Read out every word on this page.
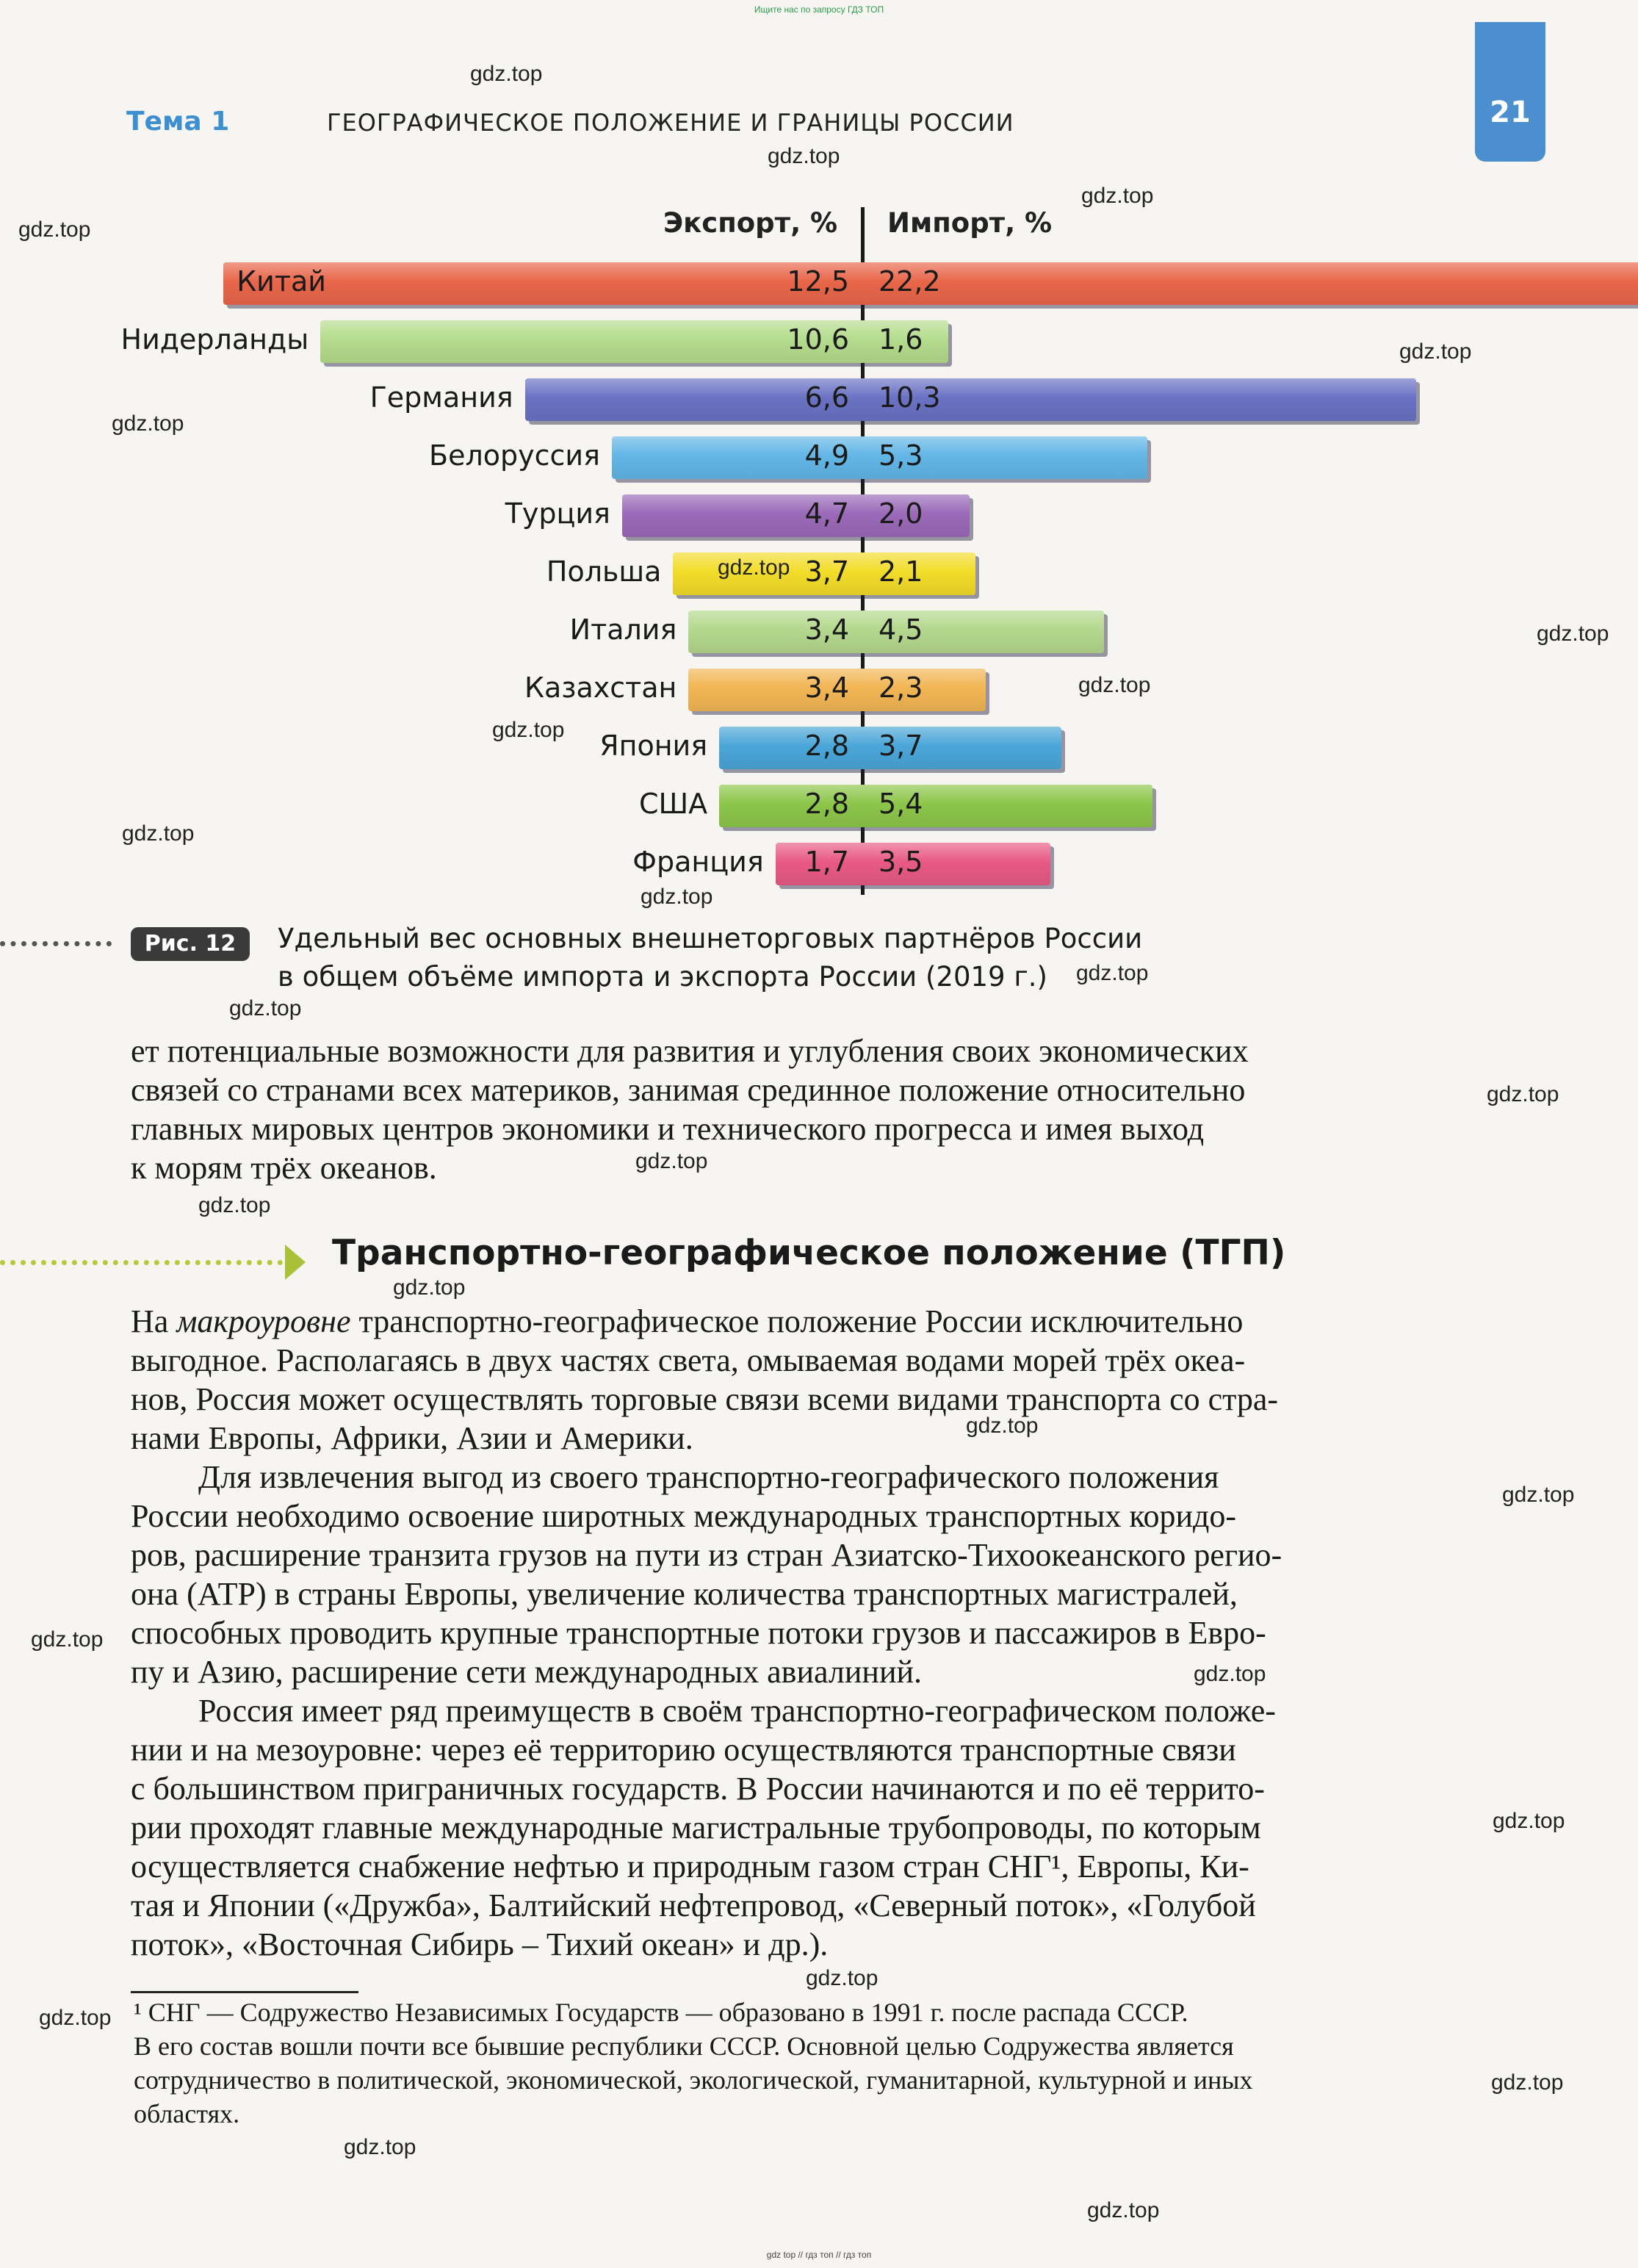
Ищите нас по запросу ГДЗ ТОП
Тема 1	ГЕОГРАФИЧЕСКОЕ ПОЛОЖЕНИЕ И ГРАНИЦЫ РОССИИ	21
Экспорт, % Импорт, %
Китай	12,5 22,2
Нидерланды	10,6 1,6
Германия	6,6 10,3
Белоруссия	4,9 5,3
Турция	4,7 2,0
Польша	3,7 2,1
Италия	3,4 4,5
Казахстан	3,4 2,3
Япония	2,8 3,7
США	2,8 5,4
Франция 1,7 3,5
Рис. 12	Удельный вес основных внешнеторговых партнёров России
в общем объёме импорта и экспорта России (2019 г.)

ет потенциальные возможности для развития и углубления своих экономических
связей со странами всех материков, занимая срединное положение относительно
главных мировых центров экономики и технического прогресса и имея выход
к морям трёх океанов.

Транспортно-географическое положение (ТГП)

На макроуровне транспортно-географическое положение России исключительно
выгодное. Располагаясь в двух частях света, омываемая водами морей трёх океа-
нов, Россия может осуществлять торговые связи всеми видами транспорта со стра-
нами Европы, Африки, Азии и Америки.

Для извлечения выгод из своего транспортно-географического положения
России необходимо освоение широтных международных транспортных коридо-
ров, расширение транзита грузов на пути из стран Азиатско-Тихоокеанского регио-
она (АТР) в страны Европы, увеличение количества транспортных магистралей,
способных проводить крупные транспортные потоки грузов и пассажиров в Евро-
пу и Азию, расширение сети международных авиалиний.

Россия имеет ряд преимуществ в своём транспортно-географическом положе-
нии и на мезоуровне: через её территорию осуществляются транспортные связи
с большинством приграничных государств. В России начинаются и по её террито-
рии проходят главные международные магистральные трубопроводы, по которым
осуществляется снабжение нефтью и природным газом стран СНГ¹, Европы, Ки-
тая и Японии («Дружба», Балтийский нефтепровод, «Северный поток», «Голубой
поток», «Восточная Сибирь – Тихий океан» и др.).

¹ СНГ — Содружество Независимых Государств — образовано в 1991 г. после распада СССР.
В его состав вошли почти все бывшие республики СССР. Основной целью Содружества является
сотрудничество в политической, экономической, экологической, гуманитарной, культурной и иных
областях.

gdz top // гдз топ // гдз топ
gdz.top
gdz.top
gdz.top
gdz.top
gdz.top
gdz.top
gdz.top
gdz.top
gdz.top
gdz.top
gdz.top
gdz.top
gdz.top
gdz.top
gdz.top
gdz.top
gdz.top
gdz.top
gdz.top
gdz.top
gdz.top
gdz.top
gdz.top
gdz.top
gdz.top
gdz.top
gdz.top
gdz.top
